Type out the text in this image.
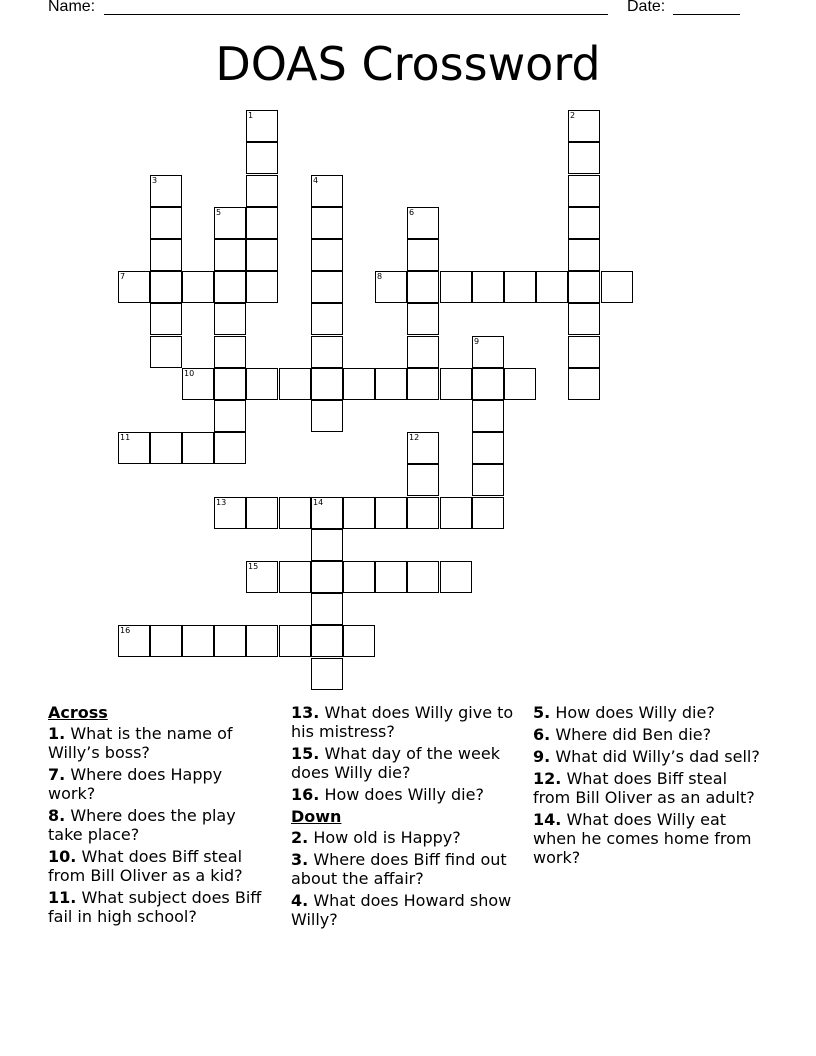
Name:	Date:
DOAS Crossword
1	2
3	4
5	6
7	8
9
10
11	12
13	14
15
16
Across
1. What is the name of Willy’s boss?
7. Where does Happy work?
8. Where does the play take place?
10. What does Biff steal from Bill Oliver as a kid?
11. What subject does Biff fail in high school?
13. What does Willy give to his mistress?
15. What day of the week does Willy die?
16. How does Willy die?
Down
2. How old is Happy?
3. Where does Biff find out about the affair?
4. What does Howard show Willy?
5. How does Willy die?
6. Where did Ben die?
9. What did Willy’s dad sell?
12. What does Biff steal from Bill Oliver as an adult?
14. What does Willy eat when he comes home from work?
